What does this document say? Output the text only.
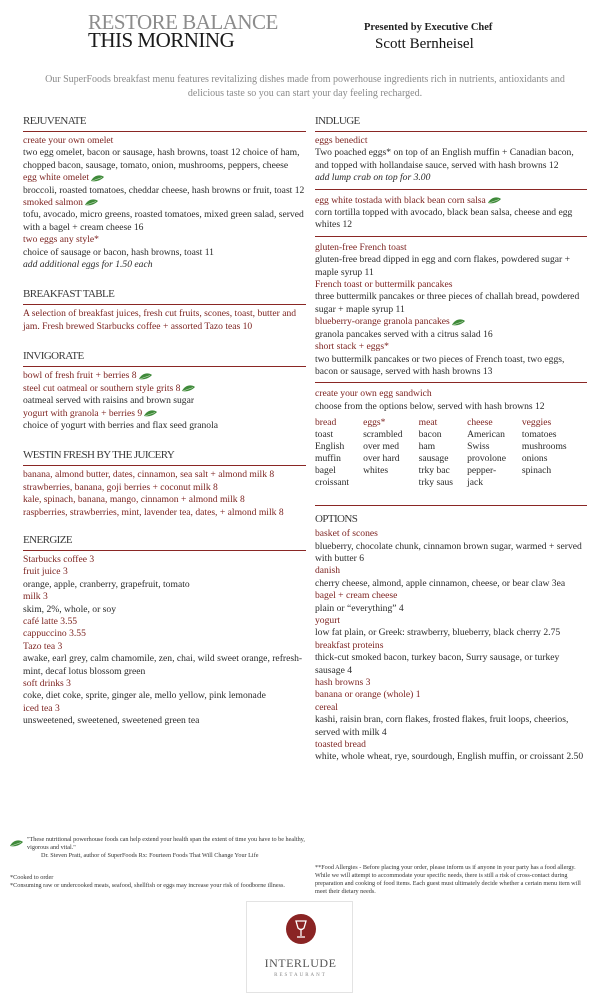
RESTORE BALANCE
THIS MORNING
Presented by Executive Chef
Scott Bernheisel
Our SuperFoods breakfast menu features revitalizing dishes made from powerhouse ingredients rich in nutrients, antioxidants and delicious taste so you can start your day feeling recharged.
REJUVENATE
create your own omelet
two egg omelet, bacon or sausage, hash browns, toast 12 choice of ham, chopped bacon, sausage, tomato, onion, mushrooms, peppers, cheese
egg white omelet
broccoli, roasted tomatoes, cheddar cheese, hash browns or fruit, toast 12
smoked salmon
tofu, avocado, micro greens, roasted tomatoes, mixed green salad, served with a bagel + cream cheese 16
two eggs any style*
choice of sausage or bacon, hash browns, toast 11
add additional eggs for 1.50 each
BREAKFAST TABLE
A selection of breakfast juices, fresh cut fruits, scones, toast, butter and jam. Fresh brewed Starbucks coffee + assorted Tazo teas 10
INVIGORATE
bowl of fresh fruit + berries 8
steel cut oatmeal or southern style grits 8
oatmeal served with raisins and brown sugar
yogurt with granola + berries 9
choice of yogurt with berries and flax seed granola
WESTIN FRESH BY THE JUICERY
banana, almond butter, dates, cinnamon, sea salt + almond milk 8
strawberries, banana, goji berries + coconut milk 8
kale, spinach, banana, mango, cinnamon + almond milk 8
raspberries, strawberries, mint, lavender tea, dates, + almond milk 8
ENERGIZE
Starbucks coffee 3
fruit juice 3
orange, apple, cranberry, grapefruit, tomato
milk 3
skim, 2%, whole, or soy
café latte 3.55
cappuccino 3.55
Tazo tea 3
awake, earl grey, calm chamomile, zen, chai, wild sweet orange, refresh-mint, decaf lotus blossom green
soft drinks 3
coke, diet coke, sprite, ginger ale, mello yellow, pink lemonade
iced tea 3
unsweetened, sweetened, sweetened green tea
INDLUGE
eggs benedict
Two poached eggs* on top of an English muffin + Canadian bacon, and topped with hollandaise sauce, served with hash browns 12
add lump crab on top for 3.00
egg white tostada with black bean corn salsa
corn tortilla topped with avocado, black bean salsa, cheese and egg whites 12
gluten-free French toast
gluten-free bread dipped in egg and corn flakes, powdered sugar + maple syrup 11
French toast or buttermilk pancakes
three buttermilk pancakes or three pieces of challah bread, powdered sugar + maple syrup 11
blueberry-orange granola pancakes
granola pancakes served with a citrus salad 16
short stack + eggs*
two buttermilk pancakes or two pieces of French toast, two eggs, bacon or sausage, served with hash browns 13
create your own egg sandwich
choose from the options below, served with hash browns 12
bread	eggs*	meat	cheese	veggies
toast	scrambled	bacon	American	tomatoes
English	over med	ham	Swiss	mushrooms
muffin	over hard	sausage	provolone	onions
bagel	whites	trky bac	pepper-	spinach
croissant		trky saus	jack	
OPTIONS
basket of scones
blueberry, chocolate chunk, cinnamon brown sugar, warmed + served with butter 6
danish
cherry cheese, almond, apple cinnamon, cheese, or bear claw 3ea
bagel + cream cheese
plain or “everything” 4
yogurt
low fat plain, or Greek: strawberry, blueberry, black cherry 2.75
breakfast proteins
thick-cut smoked bacon, turkey bacon, Surry sausage, or turkey sausage 4
hash browns 3
banana or orange (whole) 1
cereal
kashi, raisin bran, corn flakes, frosted flakes, fruit loops, cheerios, served with milk 4
toasted bread
white, whole wheat, rye, sourdough, English muffin, or croissant 2.50
"These nutritional powerhouse foods can help extend your health span the extent of time you have to be healthy, vigorous and vital."
Dr. Steven Pratt, author of SuperFoods Rx: Fourteen Foods That Will Change Your Life
*Cooked to order
*Consuming raw or undercooked meats, seafood, shellfish or eggs may increase your risk of foodborne illness.
**Food Allergies - Before placing your order, please inform us if anyone in your party has a food allergy. While we will attempt to accommodate your specific needs, there is still a risk of cross-contact during preparation and cooking of food items. Each guest must ultimately decide whether a certain menu item will meet their dietary needs.
INTERLUDE
RESTAURANT
